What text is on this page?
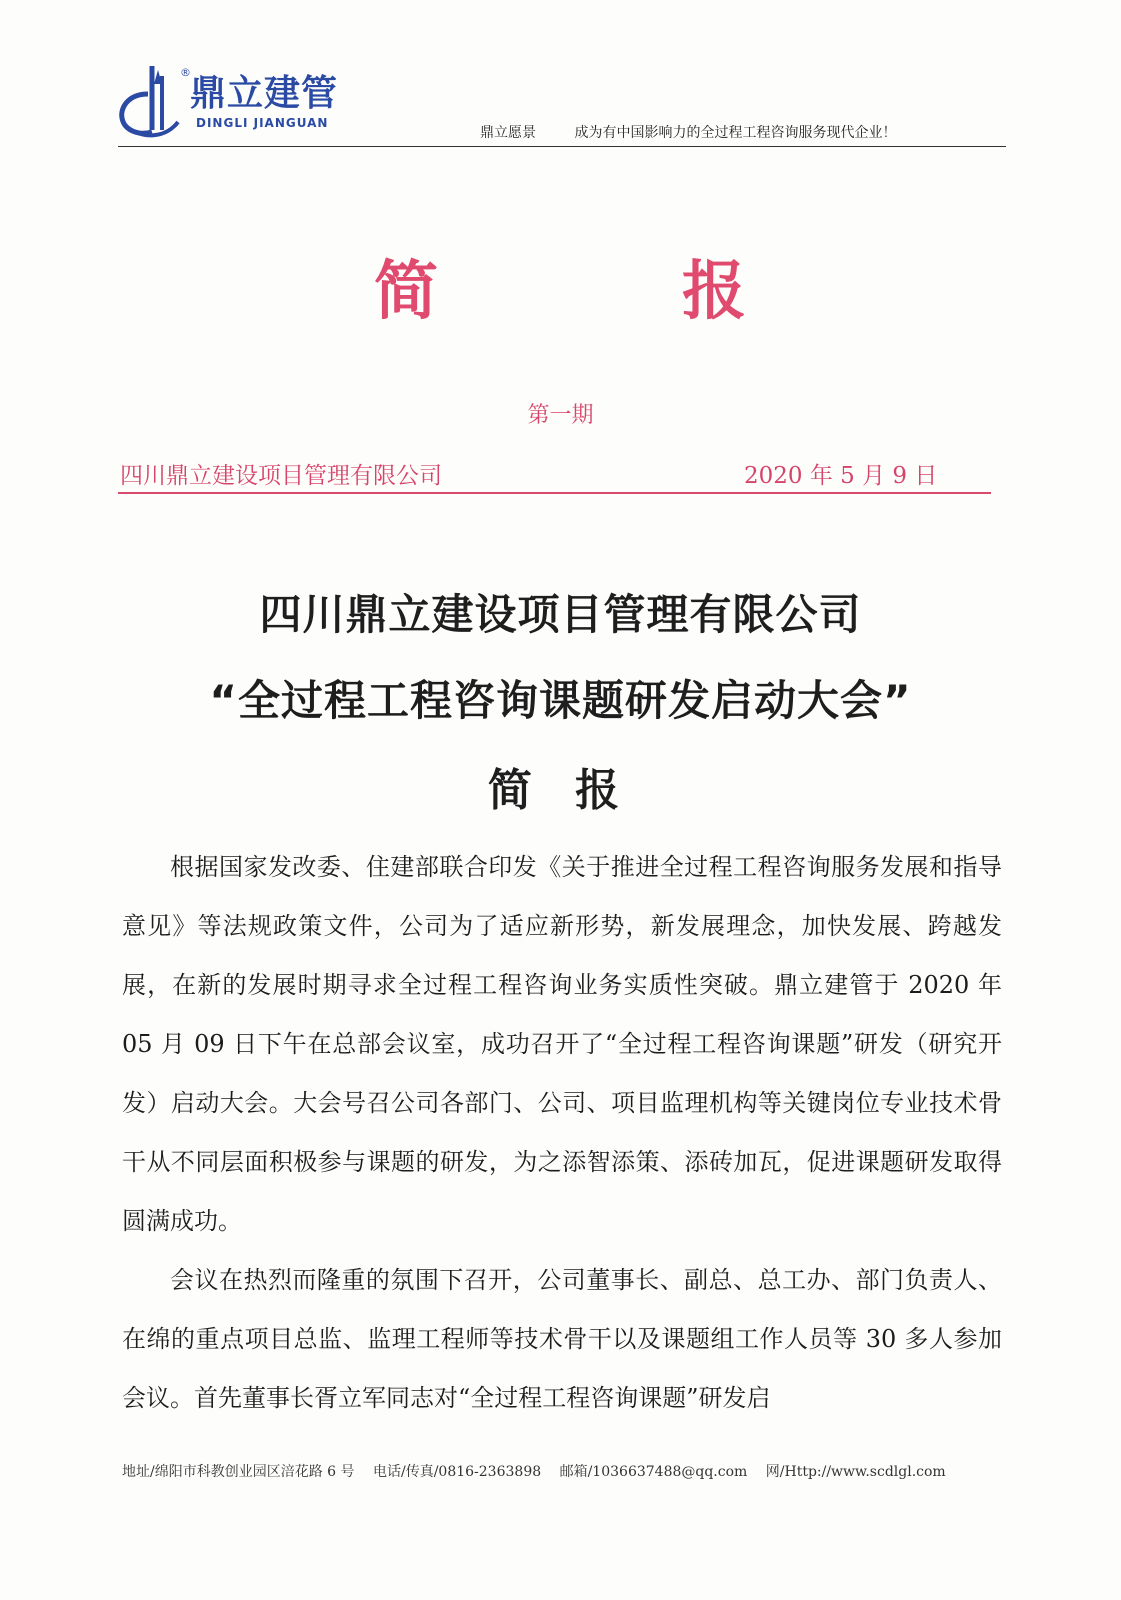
®
鼎立建管
DINGLI JIANGUAN
鼎立愿景	成为有中国影响力的全过程工程咨询服务现代企业！
简	报
第一期
四川鼎立建设项目管理有限公司	2020 年 5 月 9 日
四川鼎立建设项目管理有限公司
“全过程工程咨询课题研发启动大会”
简 报

根据国家发改委、住建部联合印发《关于推进全过程工程咨询服务发展和指导意见》等法规政策文件，公司为了适应新形势，新发展理念，加快发展、跨越发展，在新的发展时期寻求全过程工程咨询业务实质性突破。鼎立建管于 2020 年 05 月 09 日下午在总部会议室，成功召开了“全过程工程咨询课题”研发（研究开发）启动大会。大会号召公司各部门、公司、项目监理机构等关键岗位专业技术骨干从不同层面积极参与课题的研发，为之添智添策、添砖加瓦，促进课题研发取得圆满成功。

会议在热烈而隆重的氛围下召开，公司董事长、副总、总工办、部门负责人、在绵的重点项目总监、监理工程师等技术骨干以及课题组工作人员等 30 多人参加会议。首先董事长胥立军同志对“全过程工程咨询课题”研发启

地址/绵阳市科教创业园区涪花路 6 号 电话/传真/0816-2363898 邮箱/1036637488@qq.com 网/Http://www.scdlgl.com
